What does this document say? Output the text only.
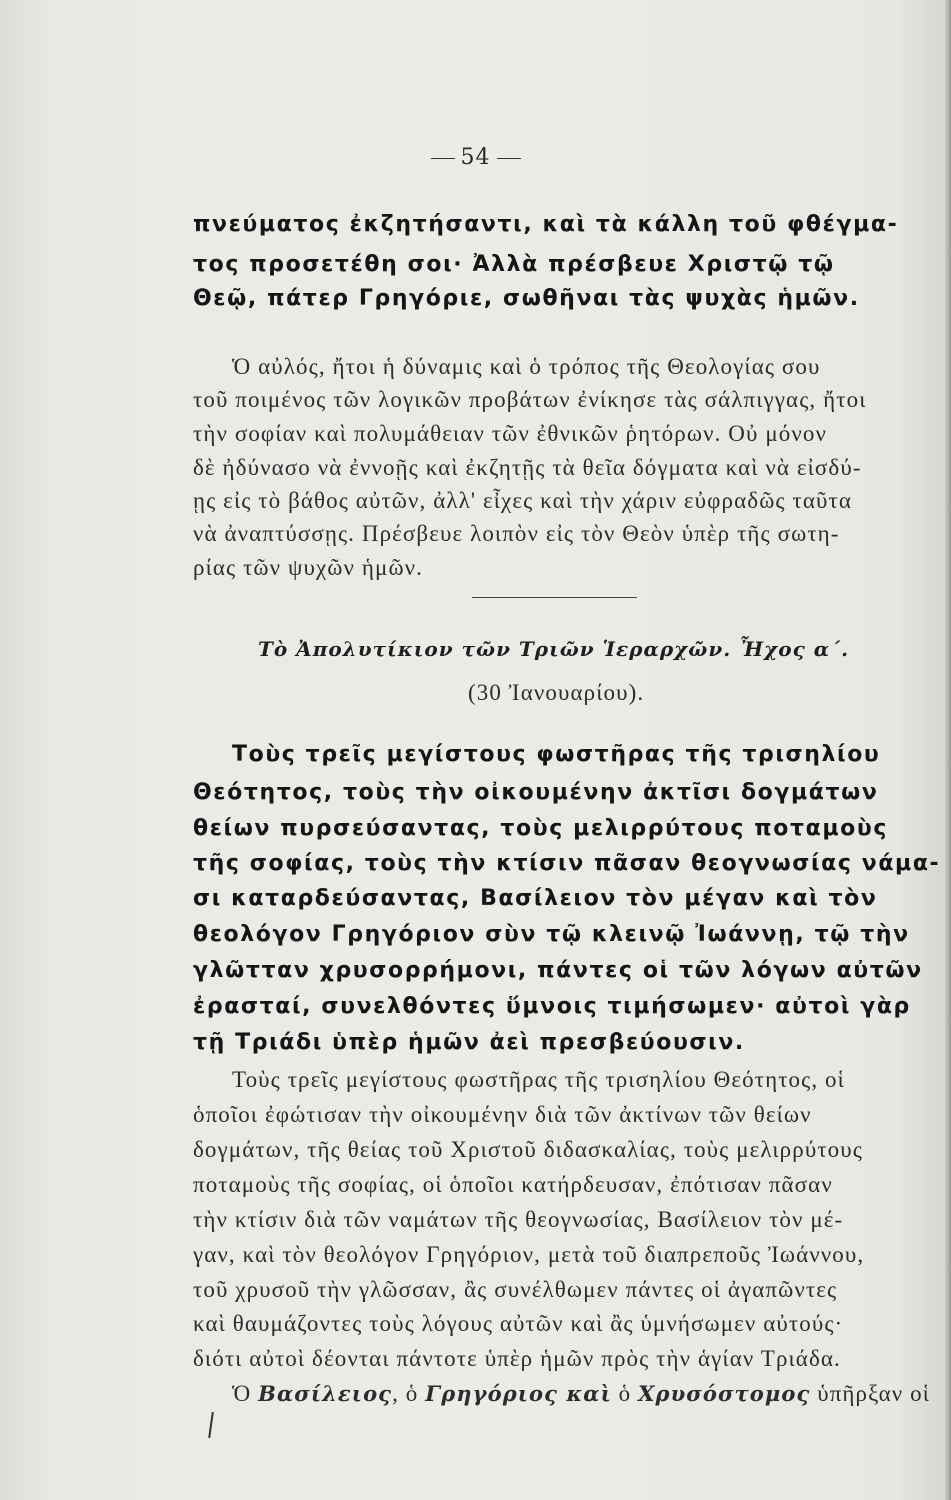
54
πνεύματος ἐκζητήσαντι, καὶ τὰ κάλλη τοῦ φθέγμα-
τος προσετέθη σοι· Ἀλλὰ πρέσβευε Χριστῷ τῷ
Θεῷ, πάτερ Γρηγόριε, σωθῆναι τὰς ψυχὰς ἡμῶν.
Ὁ αὐλός, ἤτοι ἡ δύναμις καὶ ὁ τρόπος τῆς Θεολογίας σου
τοῦ ποιμένος τῶν λογικῶν προβάτων ἐνίκησε τὰς σάλπιγγας, ἤτοι
τὴν σοφίαν καὶ πολυμάθειαν τῶν ἐθνικῶν ῥητόρων. Οὐ μόνον
δὲ ἠδύνασο νὰ ἐννοῇς καὶ ἐκζητῇς τὰ θεῖα δόγματα καὶ νὰ εἰσδύ-
ῃς εἰς τὸ βάθος αὐτῶν, ἀλλ' εἶχες καὶ τὴν χάριν εὐφραδῶς ταῦτα
νὰ ἀναπτύσσῃς. Πρέσβευε λοιπὸν εἰς τὸν Θεὸν ὑπὲρ τῆς σωτη-
ρίας τῶν ψυχῶν ἡμῶν.
Τὸ Ἀπολυτίκιον τῶν Τριῶν Ἱεραρχῶν. Ἦχος α΄.
(30 Ἰανουαρίου).
Τοὺς τρεῖς μεγίστους φωστῆρας τῆς τρισηλίου
Θεότητος, τοὺς τὴν οἰκουμένην ἀκτῖσι δογμάτων
θείων πυρσεύσαντας, τοὺς μελιρρύτους ποταμοὺς
τῆς σοφίας, τοὺς τὴν κτίσιν πᾶσαν θεογνωσίας νάμα-
σι καταρδεύσαντας, Βασίλειον τὸν μέγαν καὶ τὸν
θεολόγον Γρηγόριον σὺν τῷ κλεινῷ Ἰωάννῃ, τῷ τὴν
γλῶτταν χρυσορρήμονι, πάντες οἱ τῶν λόγων αὐτῶν
ἐρασταί, συνελθόντες ὕμνοις τιμήσωμεν· αὐτοὶ γὰρ
τῇ Τριάδι ὑπὲρ ἡμῶν ἀεὶ πρεσβεύουσιν.
Τοὺς τρεῖς μεγίστους φωστῆρας τῆς τρισηλίου Θεότητος, οἱ
ὁποῖοι ἐφώτισαν τὴν οἰκουμένην διὰ τῶν ἀκτίνων τῶν θείων
δογμάτων, τῆς θείας τοῦ Χριστοῦ διδασκαλίας, τοὺς μελιρρύτους
ποταμοὺς τῆς σοφίας, οἱ ὁποῖοι κατήρδευσαν, ἐπότισαν πᾶσαν
τὴν κτίσιν διὰ τῶν ναμάτων τῆς θεογνωσίας, Βασίλειον τὸν μέ-
γαν, καὶ τὸν θεολόγον Γρηγόριον, μετὰ τοῦ διαπρεποῦς Ἰωάννου,
τοῦ χρυσοῦ τὴν γλῶσσαν, ἂς συνέλθωμεν πάντες οἱ ἀγαπῶντες
καὶ θαυμάζοντες τοὺς λόγους αὐτῶν καὶ ἂς ὑμνήσωμεν αὐτούς·
διότι αὐτοὶ δέονται πάντοτε ὑπὲρ ἡμῶν πρὸς τὴν ἁγίαν Τριάδα.
Ὁ Βασίλειος, ὁ Γρηγόριος καὶ ὁ Χρυσόστομος ὑπῆρξαν οἱ
